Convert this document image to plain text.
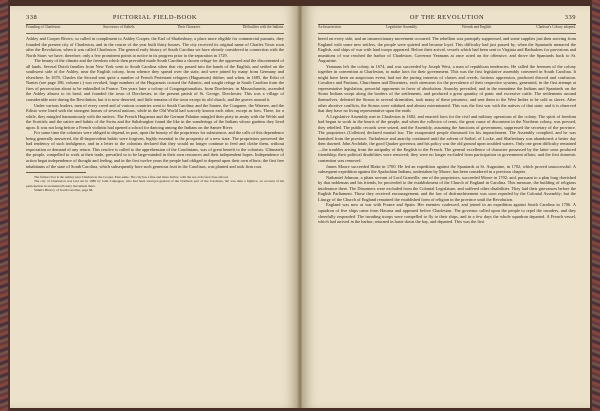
338	PICTORIAL FIELD-BOOK
Founding of Charleston.	Successors of Sothels.	Their Character.	Difficulties with the Indians.

Ashley and Cooper Rivers; so called in compliment to Ashley Cooper, the Earl of Shaftesbury, a place more eligible for commercial pursuits, they founded the present city of Charleston, and in the course of the year built thirty houses. The city received its original name of Charles Town soon after the Revolution, when it was called Charleston. The general early history of South Carolina we have already considered in connection with the North State; we have, therefore, only a few prominent points to notice in its progress prior to the separation in 1729.

The beauty of the climate and the freedom which then prevailed made South Carolina a chosen refuge for the oppressed and the discontented of all lands. Several Dutch families from New York went to South Carolina when that city passed into the hands of the English, and settled on the southwest side of the Ashley, near the English colony, from whence they spread over the state, and were joined by many from Germany and elsewhere. In 1670, Charles the Second sent quite a number of French Protestant refugees (Huguenots) thither; and when, in 1685, the Edict of Nantes (see page 186, volume i.) was revoked, large numbers of the Huguenots crossed the Atlantic, and sought refuge in South Carolina from the fires of persecution about to be enkindled in France. Ten years later a colony of Congregationalists, from Dorchester, in Massachusetts, ascended the Ashley almost to its head, and founded the town of Dorchester, in the present parish of St. George, Dorchester. This was a village of considerable note during the Revolution, but it is now deserted, and little remains of the town except its old church, and the graves around it.

Under various leaders, men of every creed and of various countries went to South Carolina; and the Santee, the Congaree, the Wateree, and the Edisto were lined with the strongest homes of several nations, while in the Old World had scarcely known each other, except as foes. There, for a while, they mingled harmoniously with the natives. The French Huguenot and the German Palatine mingled their piety in amity with the Welsh and the Scottish; and the native and habits of the Swiss and the Saltzburgher found the like in the wanderings of the Indians whose gardens they lived upon. It was not long before a French violinist had opened a school for dancing among the Indians on the Santee River.

For some time the colonists were obliged to depend, in part, upon the bounty of the proprietors for subsistence, and the calls of this dependence being generally answered, the ill-improvident habits were forgiven, highly essential to the prosperity of a new state. The proprietors preserved the bad tendency of such indulgence, and in a letter to the colonists declared that they would no longer continue to feed and clothe them, without expectation or demand of any return. This resolve is called to the apprehension of the Carolinians, was of great benefit to the colonists. Ultimately the people, compelled to work at their trade, prevailed so to be large-minded in their own resources and their independent hopes. Independence of action begat independence of thought and feeling, and in the first twelve years the people had obliged to depend upon their own efforts; the first free inhabitants of the state of South Carolina, which subsequently bore such generous fruit in the Carolinas, was planted and took firm root.

The fullest river is the Ashley near Charleston; the Cooper, East-same. The city has a fine and more harbor, with the sea at its feet close abroad.

The city of Charleston was laid out in 1680 by John Culpepper, who had been surveyor-general of the Northern part of the Carolinas, but was then a fugitive, on account of his participation in an insurrectionary movement there.

Simm's History of South Carolina, page 68.

OF THE REVOLUTION	339
An Insurrection.	Legislative Assembly.	Friends and English.	Clarkson's Colony adopted.

hered on every side, and an insurrectionary movement occurred. The rebellion was promptly suppressed, and some supplies just then arriving from England with some new settlers, the people were quieted and became loyal. This difficulty had just passed by, when the Spaniards menaced the English, and ships of war with land troops appeared. Before their arrival, vessels which had been sent to Virginia and Barbadoes for provisions and munitions of war reached the harbor of Charleston. Governor Yeamans at once acted on the offensive, and drove the Spaniards back to St. Augustine.

Yeamans left the colony in 1674, and was succeeded by Joseph West, a man of republican tendencies. He called the freemen of the colony together in convention at Charleston, to make laws for their government. This was the first legislative assembly convened in South Carolina. It might have been an auspicious event, had not the jarring interests of classes and creeds, factious oppression, produced discord and confusion. Cavaliers and Puritans, Churchmen and Dissenters, each strenuous for the prevalence of their respective systems, generated, in the first attempt at representative legislation, powerful opponents in favor of absolutism. Anarchy prevailed, and in the meantime the Indians and Spaniards on the Stono Indians swept along the borders of the settlements, and produced a great quantity of panic and excessive cattle. The settlements around themselves, defeated the Stonos in several skirmishes, took many of these prisoners, and sent them to the West Indies to be sold as slaves. After other abortive conflicts, the Stonos were subdued and almost exterminated. This was the first war with the natives of that state; and it is observed that they have no living representative upon the earth.

A Legislative Assembly met in Charleston in 1682, and enacted laws for the civil and military operations of the colony. The spirit of freedom had begun to work in the hearts of the people, and when the collector of rents, the great cause of discontent in the Northern colony, was pressed, they rebelled. The public records were seized, and the Assembly, assuming the functions of government, suppressed the secretary of the province. The proprietors (Colleton) declared martial law. The exasperated people dismissed for his impeachment. The Assembly complied, and he was banished from the province. Turbulence and anarchy continued until the advent of Sothel, of Locke, and Shaftesbury was abandoned; a better day then dawned. John Archdale, the good Quaker governor, and his policy was the old ground upon troubled waters. Only one great difficulty remained—the troubles arising from the antipathy of the English to the French. The general excellence of character possessed by the latter soon produced friendship; their political disabilities were removed; they were no longer excluded from participation in government affairs; and the first domestic contention was removed.

James Moore succeeded Blake in 1700. He led an expedition against the Spaniards at St. Augustine, in 1702, which proved unsuccessful. A subsequent expedition against the Apalachian Indians, undertaken by Moore, has been considered in a previous chapter.

Nathaniel Johnson, a pliant servant of Lord Granville, one of the proprietors, succeeded Moore in 1702; and, pursuant to a plan long cherished by that nobleman and his friends, he proceeded to the establishment of the Church of England in Carolina. This measure, the building of religious intolerance there. The Dissenters were excluded from the Colonial Legislature, and suffered other disabilities. They laid their grievances before the English Parliament. Those they received encouragement; and the law of disfranchisement was soon repealed by the Colonial Assembly; but the Liturgy of the Church of England remained the established form of religion in the province until the Revolution.

England was now at war with France and Spain. Her enemies coalesced, and joined in an expedition against South Carolina in 1706. A squadron of five ships came from Havana and appeared before Charleston. The governor called upon the people to repel the invaders, and they cheerfully responded. The invading troops were compelled to fly to their ships, and in a few days the whole squadron departed. A French vessel, which had arrived in the harbor, returned in haste down the bay, and departed. This was the first
